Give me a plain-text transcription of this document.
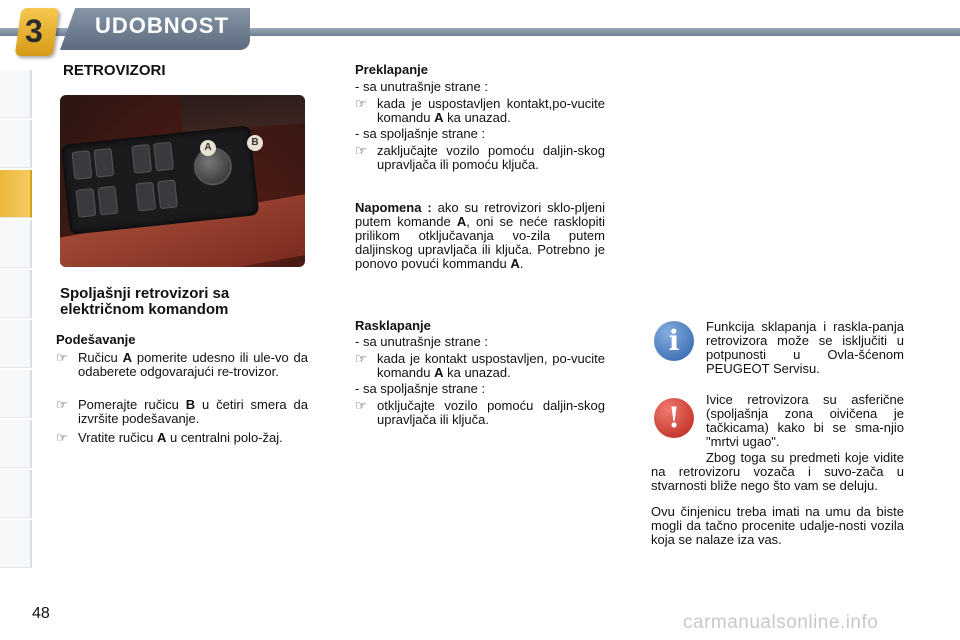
3 UDOBNOST
RETROVIZORI
A	B
Spoljašnji retrovizori sa
električnom komandom
Podešavanje
☞ Ručicu A pomerite udesno ili ule-vo da odaberete odgovarajući re-trovizor.
☞ Pomerajte ručicu B u četiri smera da izvršite podešavanje.
☞ Vratite ručicu A u centralni polo-žaj.
Preklapanje
- sa unutrašnje strane :
☞ kada je uspostavljen kontakt,po-vucite komandu A ka unazad.
- sa spoljašnje strane :
☞ zaključajte vozilo pomoću daljin-skog upravljača ili pomoću ključa.
Napomena : ako su retrovizori sklo-pljeni putem komande A, oni se neće rasklopiti prilikom otključavanja vo-zila putem daljinskog upravljača ili ključa. Potrebno je ponovo povući kommandu A.
Rasklapanje
- sa unutrašnje strane :
☞ kada je kontakt uspostavljen, po-vucite komandu A ka unazad.
- sa spoljašnje strane :
☞ otključajte vozilo pomoću daljin-skog upravljača ili ključa.
i	Funkcija sklapanja i raskla-panja retrovizora može se isključiti u potpunosti u Ovla-šćenom PEUGEOT Servisu.
!
Ivice retrovizora su asferične (spoljašnja zona oivičena je tačkicama) kako bi se sma-njio "mrtvi ugao".
Zbog toga su predmeti koje vidite na retrovizoru vozača i suvo-zača u stvarnosti bliže nego što vam se deluju.
Ovu činjenicu treba imati na umu da biste mogli da tačno procenite udalje-nosti vozila koja se nalaze iza vas.
48	carmanualsonline.info
